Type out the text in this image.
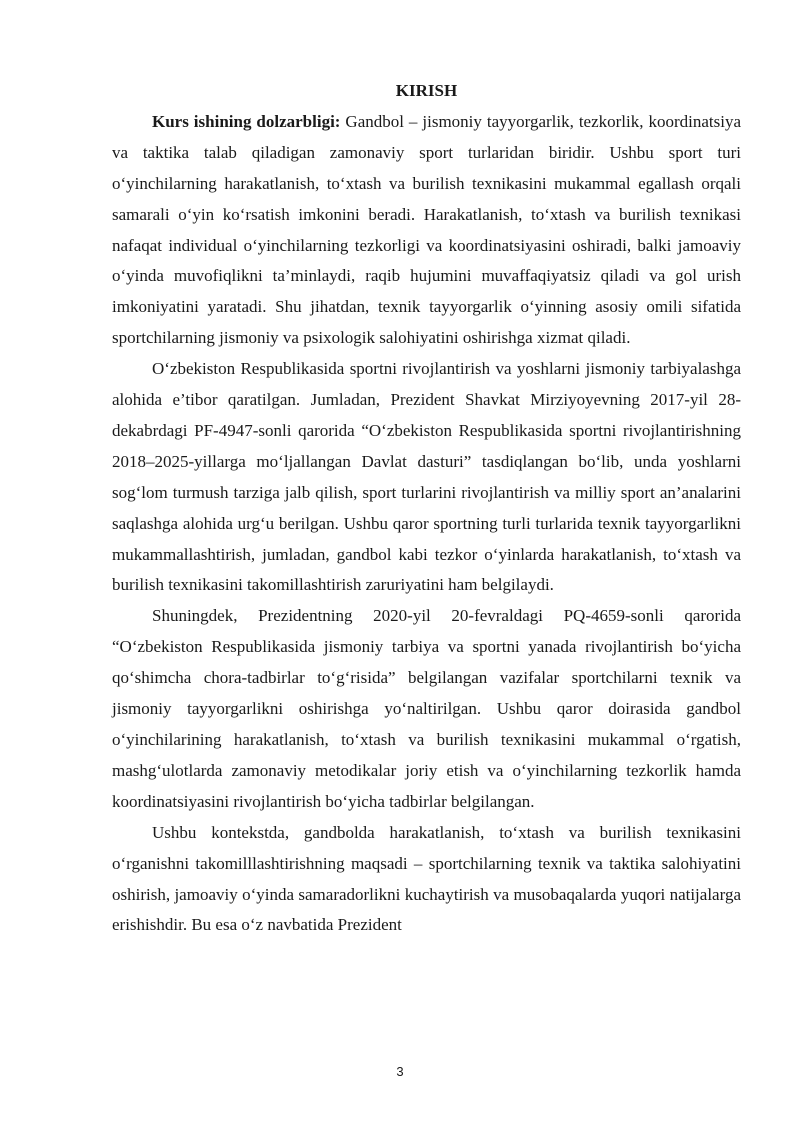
KIRISH

Kurs ishining dolzarbligi: Gandbol – jismoniy tayyorgarlik, tezkorlik, koordinatsiya va taktika talab qiladigan zamonaviy sport turlaridan biridir. Ushbu sport turi o‘yinchilarning harakatlanish, to‘xtash va burilish texnikasini mukammal egallash orqali samarali o‘yin ko‘rsatish imkonini beradi. Harakatlanish, to‘xtash va burilish texnikasi nafaqat individual o‘yinchilarning tezkorligi va koordinatsiyasini oshiradi, balki jamoaviy o‘yinda muvofiqlikni ta’minlaydi, raqib hujumini muvaffaqiyatsiz qiladi va gol urish imkoniyatini yaratadi. Shu jihatdan, texnik tayyorgarlik o‘yinning asosiy omili sifatida sportchilarning jismoniy va psixologik salohiyatini oshirishga xizmat qiladi.

O‘zbekiston Respublikasida sportni rivojlantirish va yoshlarni jismoniy tarbiyalashga alohida e’tibor qaratilgan. Jumladan, Prezident Shavkat Mirziyoyevning 2017-yil 28-dekabrdagi PF-4947-sonli qarorida “O‘zbekiston Respublikasida sportni rivojlantirishning 2018–2025-yillarga mo‘ljallangan Davlat dasturi” tasdiqlangan bo‘lib, unda yoshlarni sog‘lom turmush tarziga jalb qilish, sport turlarini rivojlantirish va milliy sport an’analarini saqlashga alohida urg‘u berilgan. Ushbu qaror sportning turli turlarida texnik tayyorgarlikni mukammallashtirish, jumladan, gandbol kabi tezkor o‘yinlarda harakatlanish, to‘xtash va burilish texnikasini takomillashtirish zaruriyatini ham belgilaydi.

Shuningdek, Prezidentning 2020-yil 20-fevraldagi PQ-4659-sonli qarorida “O‘zbekiston Respublikasida jismoniy tarbiya va sportni yanada rivojlantirish bo‘yicha qo‘shimcha chora-tadbirlar to‘g‘risida” belgilangan vazifalar sportchilarni texnik va jismoniy tayyorgarlikni oshirishga yo‘naltirilgan. Ushbu qaror doirasida gandbol o‘yinchilarining harakatlanish, to‘xtash va burilish texnikasini mukammal o‘rgatish, mashg‘ulotlarda zamonaviy metodikalar joriy etish va o‘yinchilarning tezkorlik hamda koordinatsiyasini rivojlantirish bo‘yicha tadbirlar belgilangan.

Ushbu kontekstda, gandbolda harakatlanish, to‘xtash va burilish texnikasini o‘rganishni takomilllashtirishning maqsadi – sportchilarning texnik va taktika salohiyatini oshirish, jamoaviy o‘yinda samaradorlikni kuchaytirish va musobaqalarda yuqori natijalarga erishishdir. Bu esa o‘z navbatida Prezident

3
